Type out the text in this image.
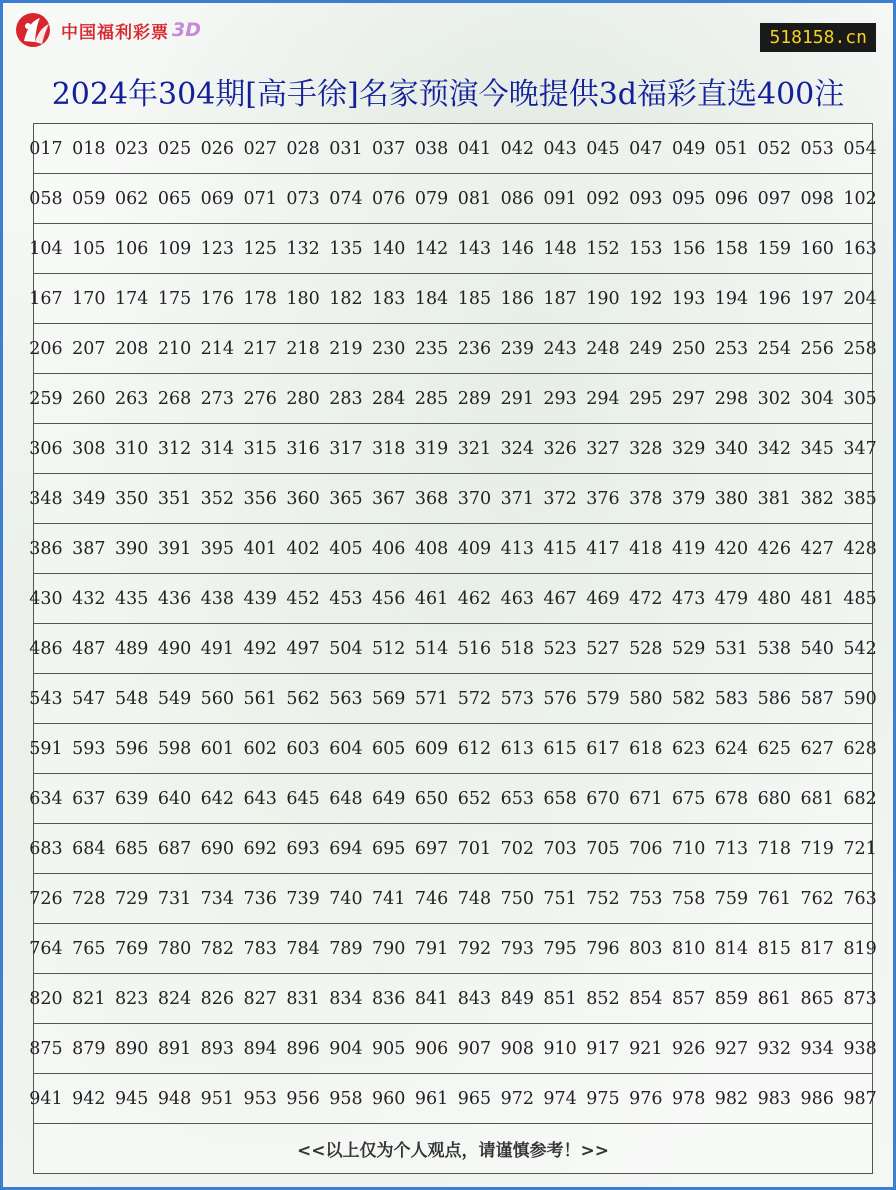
中国福利彩票 3D	518158.cn
2024年304期[高手徐]名家预演今晚提供3d福彩直选400注
017 018 023 025 026 027 028 031 037 038 041 042 043 045 047 049 051 052 053 054
058 059 062 065 069 071 073 074 076 079 081 086 091 092 093 095 096 097 098 102
104 105 106 109 123 125 132 135 140 142 143 146 148 152 153 156 158 159 160 163
167 170 174 175 176 178 180 182 183 184 185 186 187 190 192 193 194 196 197 204
206 207 208 210 214 217 218 219 230 235 236 239 243 248 249 250 253 254 256 258
259 260 263 268 273 276 280 283 284 285 289 291 293 294 295 297 298 302 304 305
306 308 310 312 314 315 316 317 318 319 321 324 326 327 328 329 340 342 345 347
348 349 350 351 352 356 360 365 367 368 370 371 372 376 378 379 380 381 382 385
386 387 390 391 395 401 402 405 406 408 409 413 415 417 418 419 420 426 427 428
430 432 435 436 438 439 452 453 456 461 462 463 467 469 472 473 479 480 481 485
486 487 489 490 491 492 497 504 512 514 516 518 523 527 528 529 531 538 540 542
543 547 548 549 560 561 562 563 569 571 572 573 576 579 580 582 583 586 587 590
591 593 596 598 601 602 603 604 605 609 612 613 615 617 618 623 624 625 627 628
634 637 639 640 642 643 645 648 649 650 652 653 658 670 671 675 678 680 681 682
683 684 685 687 690 692 693 694 695 697 701 702 703 705 706 710 713 718 719 721
726 728 729 731 734 736 739 740 741 746 748 750 751 752 753 758 759 761 762 763
764 765 769 780 782 783 784 789 790 791 792 793 795 796 803 810 814 815 817 819
820 821 823 824 826 827 831 834 836 841 843 849 851 852 854 857 859 861 865 873
875 879 890 891 893 894 896 904 905 906 907 908 910 917 921 926 927 932 934 938
941 942 945 948 951 953 956 958 960 961 965 972 974 975 976 978 982 983 986 987
<<以上仅为个人观点，请谨慎参考！>>
